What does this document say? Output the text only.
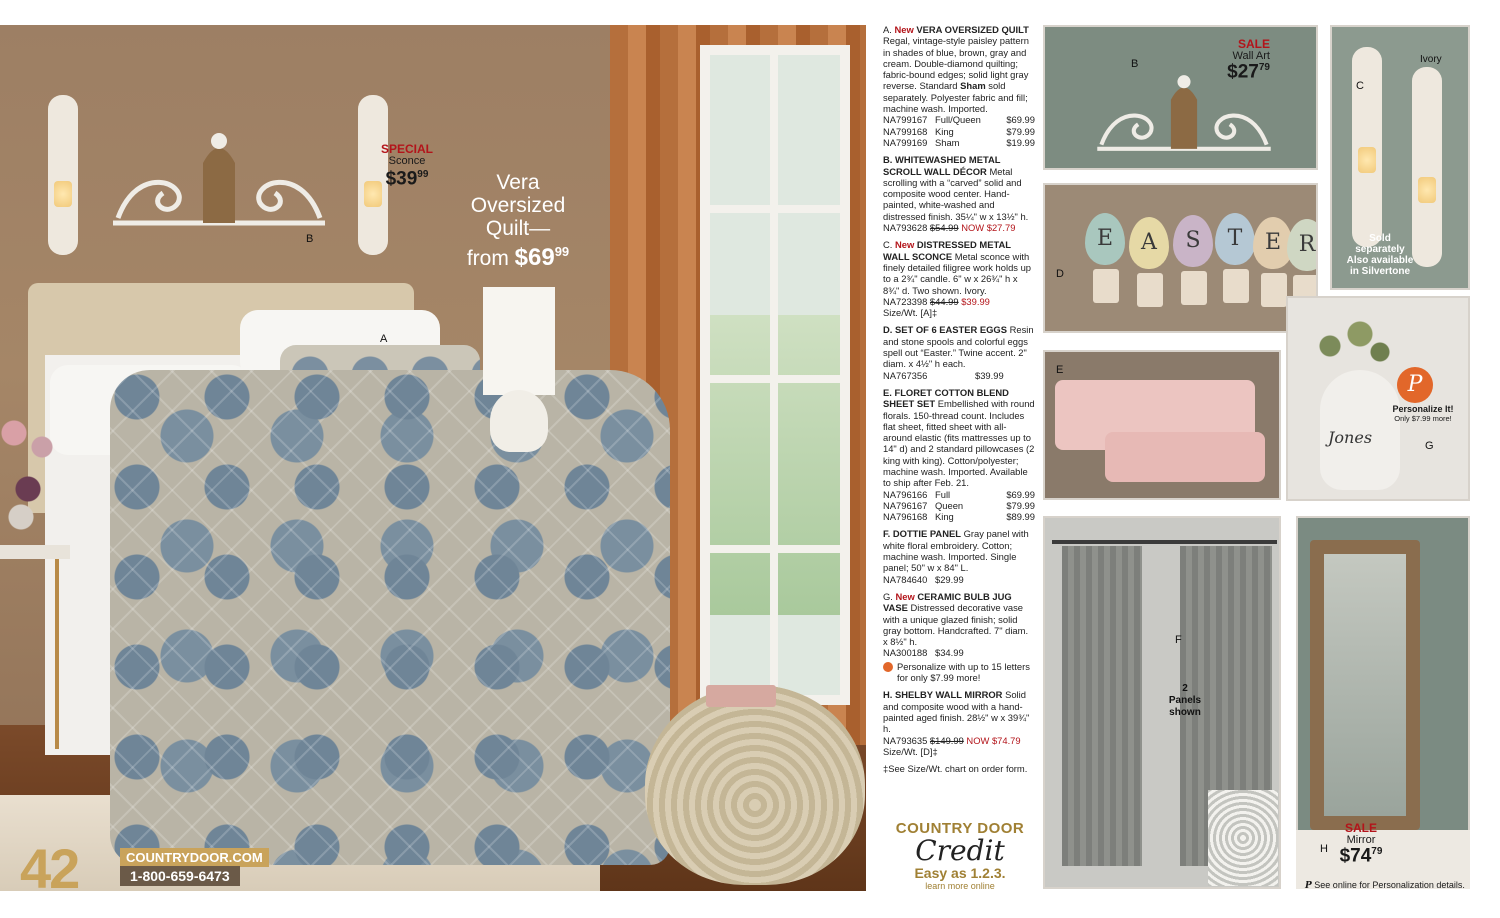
SPECIAL
Sconce
$\$39^{99}$	Vera
Oversized
Quilt—
from $\$69^{99}$
B
A
42	COUNTRYDOOR.COM
1-800-659-6473
A. New VERA OVERSIZED QUILT Regal, vintage-style paisley pattern in shades of blue, brown, gray and cream. Double-diamond quilting; fabric-bound edges; solid light gray reverse. Standard Sham sold separately. Polyester fabric and fill; machine wash. Imported.
NA799167 Full/Queen	$69.99
NA799168 King	$79.99
NA799169 Sham	$19.99
B. WHITEWASHED METAL SCROLL WALL DÉCOR Metal scrolling with a “carved” solid and composite wood center. Hand-painted, white-washed and distressed finish. 35¼" w x 13½" h.
NA793628 $54.99 NOW $27.79
C. New DISTRESSED METAL WALL SCONCE Metal sconce with finely detailed filigree work holds up to a 2¾" candle. 6" w x 26¾" h x 8¾" d. Two shown. Ivory.
NA723398 $44.99 $39.99
Size/Wt. [A]‡
D. SET OF 6 EASTER EGGS Resin and stone spools and colorful eggs spell out “Easter.” Twine accent. 2" diam. x 4½" h each.
NA767356	$39.99
E. FLORET COTTON BLEND SHEET SET Embellished with round florals. 150-thread count. Includes flat sheet, fitted sheet with all-around elastic (fits mattresses up to 14" d) and 2 standard pillowcases (2 king with king). Cotton/polyester; machine wash. Imported. Available to ship after Feb. 21.
NA796166 Full	$69.99
NA796167 Queen	$79.99
NA796168 King	$89.99
F. DOTTIE PANEL Gray panel with white floral embroidery. Cotton; machine wash. Imported. Single panel; 50" w x 84" L.
NA784640 $29.99
G. New CERAMIC BULB JUG VASE Distressed decorative vase with a unique glazed finish; solid gray bottom. Handcrafted. 7" diam. x 8½" h.
NA300188 $34.99
Personalize with up to 15 letters for only $7.99 more!
H. SHELBY WALL MIRROR Solid and composite wood with a hand-painted aged finish. 28½" w x 39¾" h.
NA793635 $149.99 NOW $74.79
Size/Wt. [D]‡
‡See Size/Wt. chart on order form.
COUNTRY DOOR
Credit
Easy as 1.2.3.
learn more online
B
SALE
Wall Art
$\$27^{79}$
C
Ivory
Sold
separately
Also available
in Silvertone
E	A	S	T	E R
D
E
Jones
P
Personalize It!
Only $7.99 more!
G
F
2
Panels
shown
H
SALE
Mirror
$\$74^{79}$
P See online for Personalization details.
